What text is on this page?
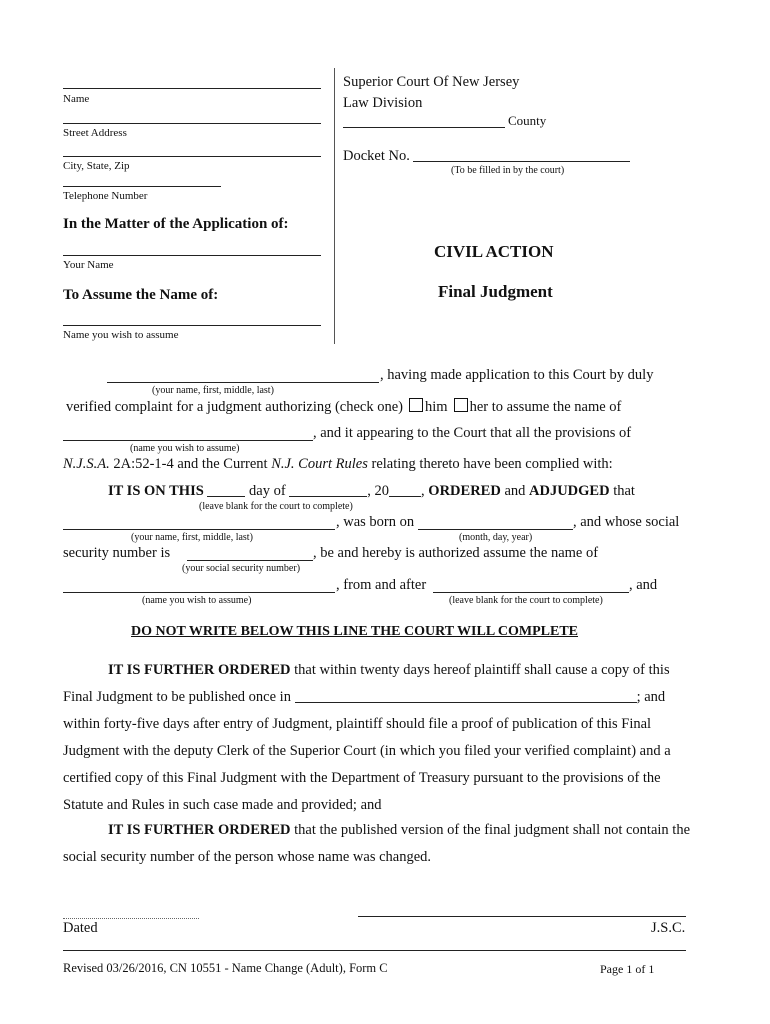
Name
Street Address
City, State, Zip
Telephone Number
Superior Court Of New Jersey
Law Division
County
Docket No.
(To be filled in by the court)
In the Matter of the Application of:
Your Name
To Assume the Name of:
Name you wish to assume
CIVIL ACTION
Final Judgment
, having made application to this Court by duly
(your name, first, middle, last)
verified complaint for a judgment authorizing (check one) him her to assume the name of
, and it appearing to the Court that all the provisions of
(name you wish to assume)
N.J.S.A. 2A:52-1-4 and the Current N.J. Court Rules relating thereto have been complied with:
IT IS ON THIS	day of	, 20 , ORDERED and ADJUDGED that
(leave blank for the court to complete)
, was born on	, and whose social
(your name, first, middle, last)	(month, day, year)
security number is	, be and hereby is authorized assume the name of
(your social security number)
, from and after	, and
(name you wish to assume)	(leave blank for the court to complete)
DO NOT WRITE BELOW THIS LINE THE COURT WILL COMPLETE
IT IS FURTHER ORDERED that within twenty days hereof plaintiff shall cause a copy of this Final Judgment to be published once in	; and within forty-five days after entry of Judgment, plaintiff should file a proof of publication of this Final Judgment with the deputy Clerk of the Superior Court (in which you filed your verified complaint) and a certified copy of this Final Judgment with the Department of Treasury pursuant to the provisions of the Statute and Rules in such case made and provided; and
IT IS FURTHER ORDERED that the published version of the final judgment shall not contain the social security number of the person whose name was changed.
Dated	J.S.C.
Revised 03/26/2016, CN 10551 - Name Change (Adult), Form C	Page 1 of 1
